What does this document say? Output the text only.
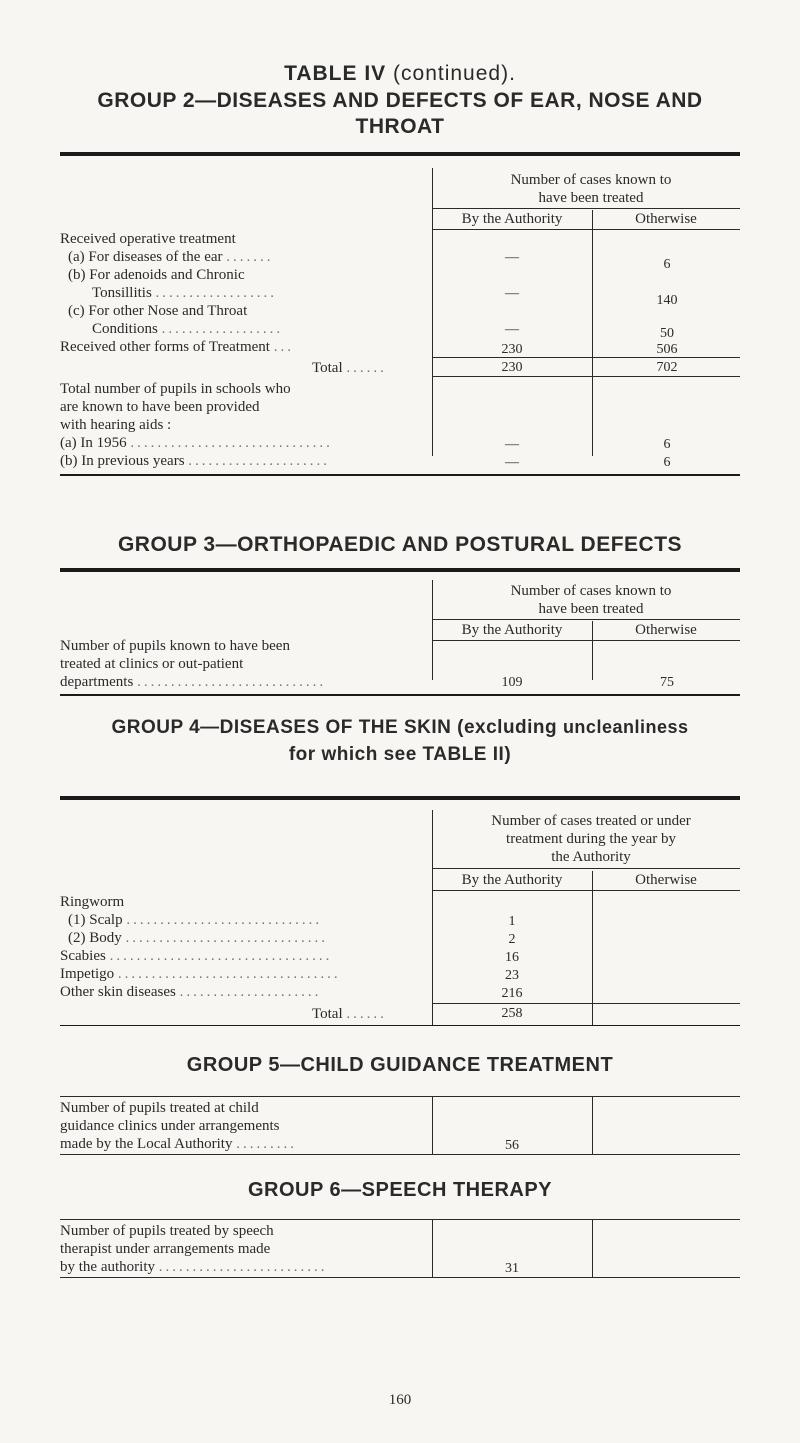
TABLE IV (continued).
GROUP 2—DISEASES AND DEFECTS OF EAR, NOSE AND
THROAT
Number of cases known to
have been treated
By the Authority	Otherwise
Received operative treatment
(a) For diseases of the ear .......	—	6
(b) For adenoids and Chronic
Tonsillitis ..................	—	140
(c) For other Nose and Throat
Conditions ..................	—	50
Received other forms of Treatment ...	230	506
Total ......	230	702
Total number of pupils in schools who
are known to have been provided
with hearing aids :
(a) In 1956 ..............................	—	6
(b) In previous years .....................	—	6
GROUP 3—ORTHOPAEDIC AND POSTURAL DEFECTS
Number of cases known to
have been treated
By the Authority	Otherwise
Number of pupils known to have been
treated at clinics or out-patient
departments ............................	109	75
GROUP 4—DISEASES OF THE SKIN (excluding uncleanliness
for which see TABLE II)
Number of cases treated or under
treatment during the year by
the Authority
By the Authority	Otherwise
Ringworm
(1) Scalp .............................	1
(2) Body ..............................	2
Scabies .................................	16
Impetigo .................................	23
Other skin diseases .....................	216
Total ......	258
GROUP 5—CHILD GUIDANCE TREATMENT
Number of pupils treated at child
guidance clinics under arrangements
made by the Local Authority .........	56
GROUP 6—SPEECH THERAPY
Number of pupils treated by speech
therapist under arrangements made
by the authority .........................	31
160
